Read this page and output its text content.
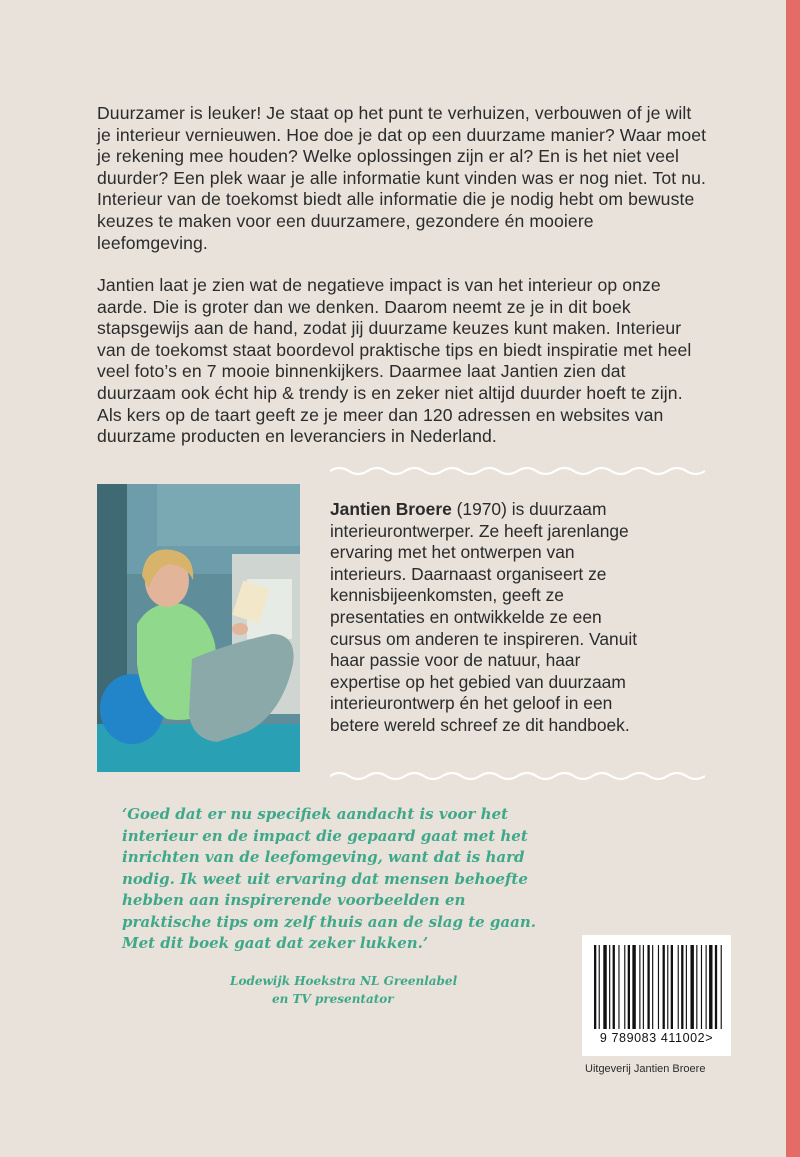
Duurzamer is leuker! Je staat op het punt te verhuizen, verbouwen of je wilt je interieur vernieuwen. Hoe doe je dat op een duurzame manier? Waar moet je rekening mee houden? Welke oplossingen zijn er al? En is het niet veel duurder? Een plek waar je alle informatie kunt vinden was er nog niet. Tot nu. Interieur van de toekomst biedt alle informatie die je nodig hebt om bewuste keuzes te maken voor een duurzamere, gezondere én mooiere leefomgeving.

Jantien laat je zien wat de negatieve impact is van het interieur op onze aarde. Die is groter dan we denken. Daarom neemt ze je in dit boek stapsgewijs aan de hand, zodat jij duurzame keuzes kunt maken. Interieur van de toekomst staat boordevol praktische tips en biedt inspiratie met heel veel foto’s en 7 mooie binnenkijkers. Daarmee laat Jantien zien dat duurzaam ook écht hip & trendy is en zeker niet altijd duurder hoeft te zijn. Als kers op de taart geeft ze je meer dan 120 adressen en websites van duurzame producten en leveranciers in Nederland.

Jantien Broere (1970) is duurzaam interieurontwerper. Ze heeft jarenlange ervaring met het ontwerpen van interieurs. Daarnaast organiseert ze kennisbijeenkomsten, geeft ze presentaties en ontwikkelde ze een cursus om anderen te inspireren. Vanuit haar passie voor de natuur, haar expertise op het gebied van duurzaam interieurontwerp én het geloof in een betere wereld schreef ze dit handboek.

‘Goed dat er nu specifiek aandacht is voor het interieur en de impact die gepaard gaat met het inrichten van de leefomgeving, want dat is hard nodig. Ik weet uit ervaring dat mensen behoefte hebben aan inspirerende voorbeelden en praktische tips om zelf thuis aan de slag te gaan. Met dit boek gaat dat zeker lukken.’

Lodewijk Hoekstra NL Greenlabel
en TV presentator
9 789083 411002>
Uitgeverij Jantien Broere
